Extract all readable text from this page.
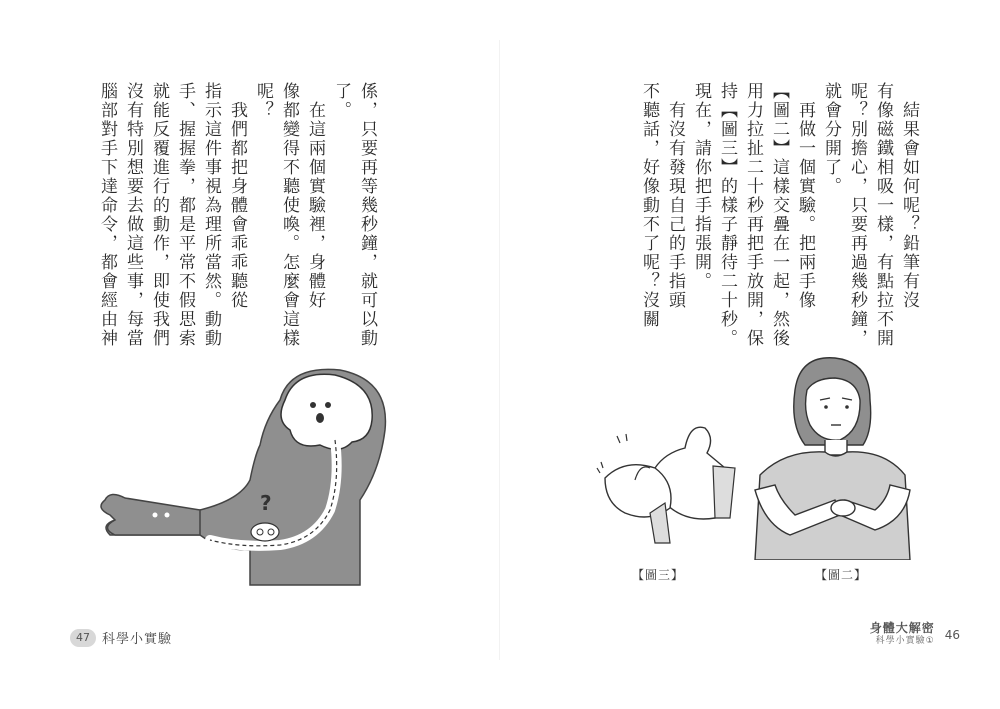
係，只要再等幾秒鐘，就可以動
了。
　在這兩個實驗裡，身體好
像都變得不聽使喚。怎麼會這樣
呢？
　我們都把身體會乖乖聽從
指示這件事視為理所當然。動動
手、握握拳，都是平常不假思索
就能反覆進行的動作，即使我們
沒有特別想要去做這些事，每當
腦部對手下達命令，都會經由神
?
47 科學小實驗
　結果會如何呢？鉛筆有沒
有像磁鐵相吸一樣，有點拉不開
呢？別擔心，只要再過幾秒鐘，
就會分開了。
　再做一個實驗。把兩手像
【圖二】這樣交疊在一起，然後
用力拉扯二十秒再把手放開，保
持【圖三】的樣子靜待二十秒。
現在，請你把手指張開。
　有沒有發現自己的手指頭
不聽話，好像動不了呢？沒關
【圖三】	【圖二】
身體大解密
科學小實驗① 46
